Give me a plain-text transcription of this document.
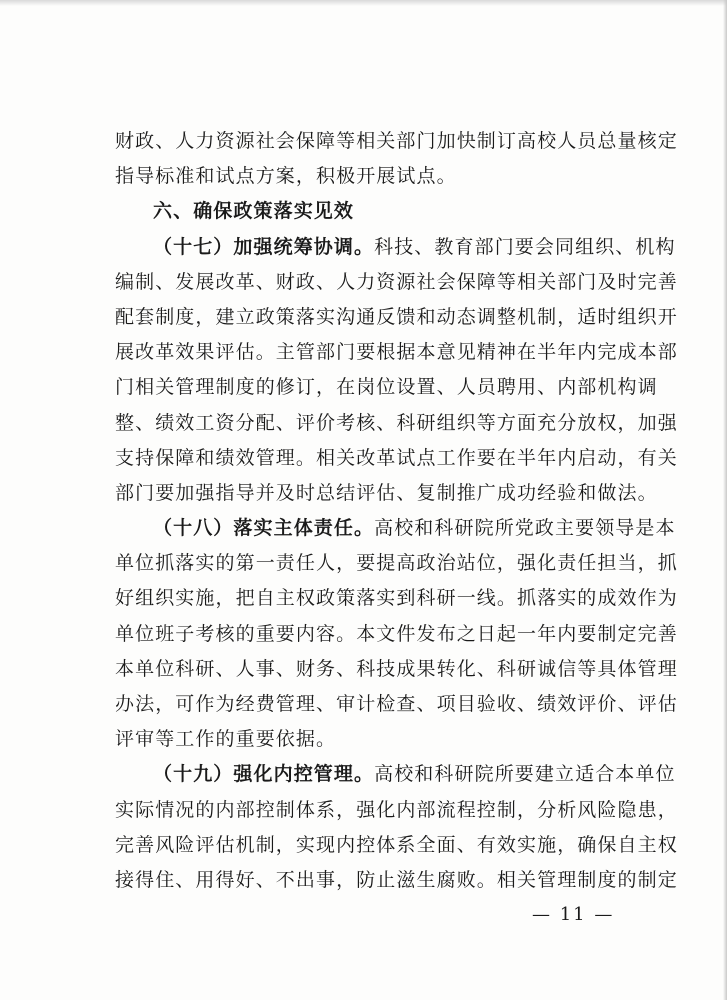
财政、人力资源社会保障等相关部门加快制订高校人员总量核定
指导标准和试点方案，积极开展试点。
六、确保政策落实见效
（十七）加强统筹协调。科技、教育部门要会同组织、机构
编制、发展改革、财政、人力资源社会保障等相关部门及时完善
配套制度，建立政策落实沟通反馈和动态调整机制，适时组织开
展改革效果评估。主管部门要根据本意见精神在半年内完成本部
门相关管理制度的修订，在岗位设置、人员聘用、内部机构调
整、绩效工资分配、评价考核、科研组织等方面充分放权，加强
支持保障和绩效管理。相关改革试点工作要在半年内启动，有关
部门要加强指导并及时总结评估、复制推广成功经验和做法。
（十八）落实主体责任。高校和科研院所党政主要领导是本
单位抓落实的第一责任人，要提高政治站位，强化责任担当，抓
好组织实施，把自主权政策落实到科研一线。抓落实的成效作为
单位班子考核的重要内容。本文件发布之日起一年内要制定完善
本单位科研、人事、财务、科技成果转化、科研诚信等具体管理
办法，可作为经费管理、审计检查、项目验收、绩效评价、评估
评审等工作的重要依据。
（十九）强化内控管理。高校和科研院所要建立适合本单位
实际情况的内部控制体系，强化内部流程控制，分析风险隐患，
完善风险评估机制，实现内控体系全面、有效实施，确保自主权
接得住、用得好、不出事，防止滋生腐败。相关管理制度的制定
— 11 —
